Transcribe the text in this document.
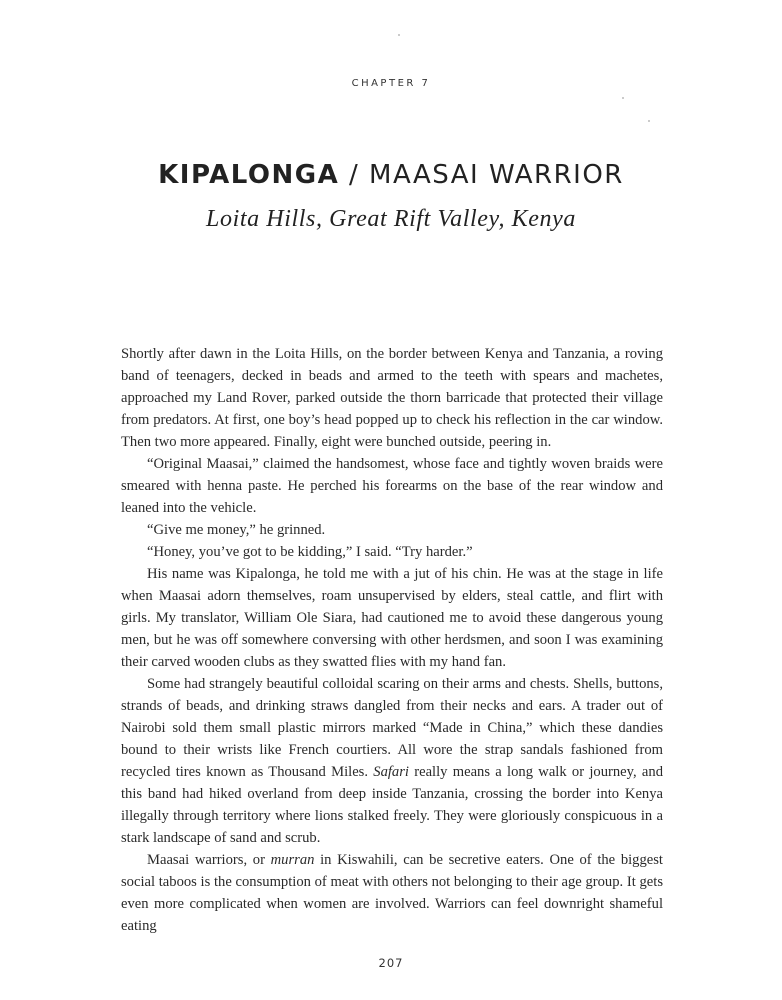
CHAPTER 7
KIPALONGA / MAASAI WARRIOR
Loita Hills, Great Rift Valley, Kenya

Shortly after dawn in the Loita Hills, on the border between Kenya and Tanzania, a roving band of teenagers, decked in beads and armed to the teeth with spears and machetes, approached my Land Rover, parked outside the thorn barricade that protected their village from predators. At first, one boy’s head popped up to check his reflection in the car window. Then two more appeared. Finally, eight were bunched outside, peering in.

“Original Maasai,” claimed the handsomest, whose face and tightly woven braids were smeared with henna paste. He perched his forearms on the base of the rear window and leaned into the vehicle.

“Give me money,” he grinned.

“Honey, you’ve got to be kidding,” I said. “Try harder.”

His name was Kipalonga, he told me with a jut of his chin. He was at the stage in life when Maasai adorn themselves, roam unsupervised by elders, steal cattle, and flirt with girls. My translator, William Ole Siara, had cautioned me to avoid these dangerous young men, but he was off somewhere conversing with other herdsmen, and soon I was examining their carved wooden clubs as they swatted flies with my hand fan.

Some had strangely beautiful colloidal scaring on their arms and chests. Shells, buttons, strands of beads, and drinking straws dangled from their necks and ears. A trader out of Nairobi sold them small plastic mirrors marked “Made in China,” which these dandies bound to their wrists like French courtiers. All wore the strap sandals fashioned from recycled tires known as Thousand Miles. Safari really means a long walk or journey, and this band had hiked overland from deep inside Tanzania, crossing the border into Kenya illegally through territory where lions stalked freely. They were gloriously conspicuous in a stark landscape of sand and scrub.

Maasai warriors, or murran in Kiswahili, can be secretive eaters. One of the biggest social taboos is the consumption of meat with others not belonging to their age group. It gets even more complicated when women are involved. Warriors can feel downright shameful eating

207
